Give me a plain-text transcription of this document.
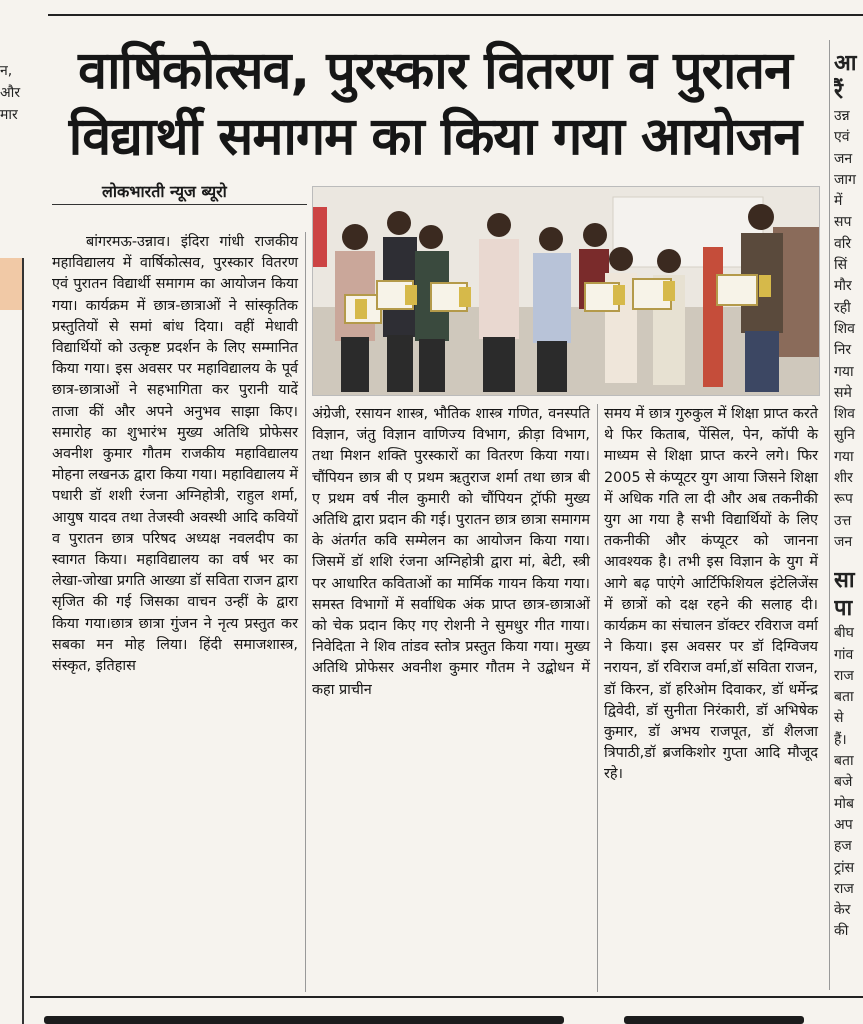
न,
और
मार
वार्षिकोत्सव, पुरस्कार वितरण व पुरातन
विद्यार्थी समागम का किया गया आयोजन
लोकभारती न्यूज ब्यूरो
बांगरमऊ-उन्नाव। इंदिरा गांधी राजकीय महाविद्यालय में वार्षिकोत्सव, पुरस्कार वितरण एवं पुरातन विद्यार्थी समागम का आयोजन किया गया। कार्यक्रम में छात्र-छात्राओं ने सांस्कृतिक प्रस्तुतियों से समां बांध दिया। वहीं मेधावी विद्यार्थियों को उत्कृष्ट प्रदर्शन के लिए सम्मानित किया गया। इस अवसर पर महाविद्यालय के पूर्व छात्र-छात्राओं ने सहभागिता कर पुरानी यादें ताजा कीं और अपने अनुभव साझा किए। समारोह का शुभारंभ मुख्य अतिथि प्रोफेसर अवनीश कुमार गौतम राजकीय महाविद्यालय मोहना लखनऊ द्वारा किया गया। महाविद्यालय में पधारी डॉ शशी रंजना अग्निहोत्री, राहुल शर्मा, आयुष यादव तथा तेजस्वी अवस्थी आदि कवियों व पुरातन छात्र परिषद अध्यक्ष नवलदीप का स्वागत किया। महाविद्यालय का वर्ष भर का लेखा-जोखा प्रगति आख्या डॉ सविता राजन द्वारा सृजित की गई जिसका वाचन उन्हीं के द्वारा किया गया।छात्र छात्रा गुंजन ने नृत्य प्रस्तुत कर सबका मन मोह लिया। हिंदी समाजशास्त्र, संस्कृत, इतिहास
अंग्रेजी, रसायन शास्त्र, भौतिक शास्त्र गणित, वनस्पति विज्ञान, जंतु विज्ञान वाणिज्य विभाग, क्रीड़ा विभाग, तथा मिशन शक्ति पुरस्कारों का वितरण किया गया। चौंपियन छात्र बी ए प्रथम ऋतुराज शर्मा तथा छात्र बी ए प्रथम वर्ष नील कुमारी को चौंपियन ट्रॉफी मुख्य अतिथि द्वारा प्रदान की गई। पुरातन छात्र छात्रा समागम के अंतर्गत कवि सम्मेलन का आयोजन किया गया। जिसमें डॉ शशि रंजना अग्निहोत्री द्वारा मां, बेटी, स्त्री पर आधारित कविताओं का मार्मिक गायन किया गया।समस्त विभागों में सर्वाधिक अंक प्राप्त छात्र-छात्राओं को चेक प्रदान किए गए रोशनी ने सुमधुर गीत गाया।निवेदिता ने शिव तांडव स्तोत्र प्रस्तुत किया गया। मुख्य अतिथि प्रोफेसर अवनीश कुमार गौतम ने उद्बोधन में कहा प्राचीन
समय में छात्र गुरुकुल में शिक्षा प्राप्त करते थे फिर किताब, पेंसिल, पेन, कॉपी के माध्यम से शिक्षा प्राप्त करने लगे। फिर 2005 से कंप्यूटर युग आया जिसने शिक्षा में अधिक गति ला दी और अब तकनीकी युग आ गया है सभी विद्यार्थियों के लिए तकनीकी और कंप्यूटर को जानना आवश्यक है। तभी इस विज्ञान के युग में आगे बढ़ पाएंगे आर्टिफिशियल इंटेलिजेंस में छात्रों को दक्ष रहने की सलाह दी। कार्यक्रम का संचालन डॉक्टर रविराज वर्मा ने किया। इस अवसर पर डॉ दिग्विजय नरायन, डॉ रविराज वर्मा,डॉ सविता राजन, डॉ किरन, डॉ हरिओम दिवाकर, डॉ धर्मेन्द्र द्विवेदी, डॉ सुनीता निरंकारी, डॉ अभिषेक कुमार, डॉ अभय राजपूत, डॉ शैलजा त्रिपाठी,डॉ ब्रजकिशोर गुप्ता आदि मौजूद रहे।
आ
रैं
उन्न
एवं
जन
जाग
में
सप
वरि
सिं
मौर
रही
शिव
निर
गया
समे
शिव
सुनि
गया
शीर
रूप
उत्त
जन
सा
पा
बीघ
गांव
राज
बता
से
हैं।
बता
बजे
मोब
अप
हज
ट्रांस
राज
केर
की
